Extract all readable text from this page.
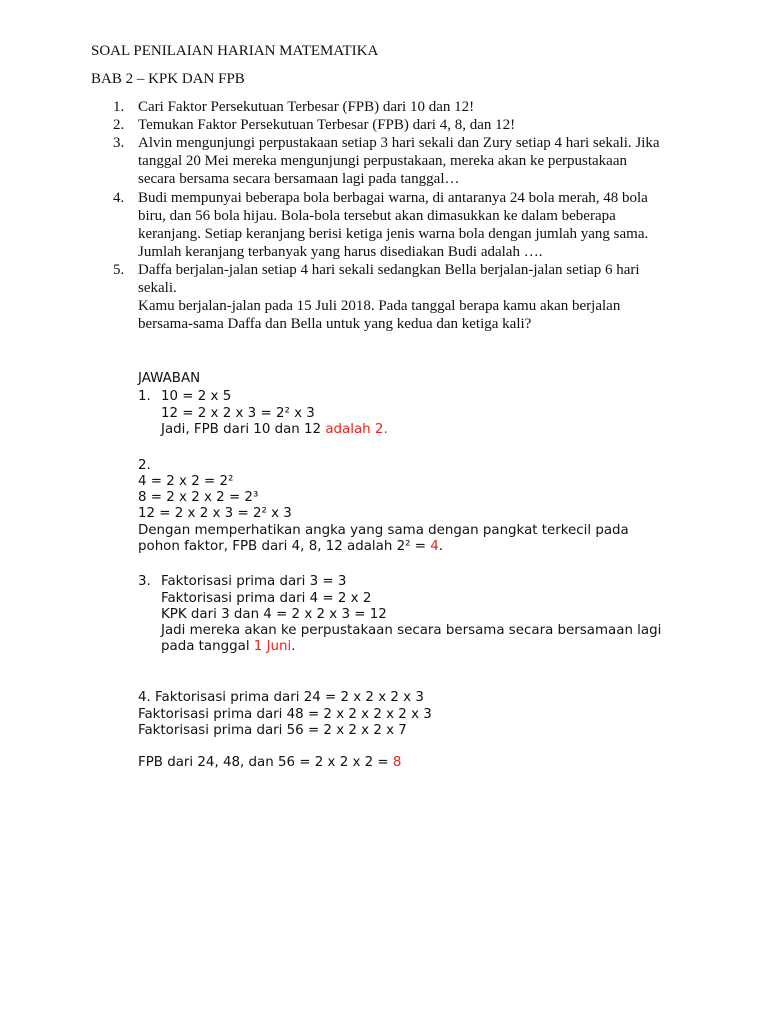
SOAL PENILAIAN HARIAN MATEMATIKA
BAB 2 – KPK DAN FPB
1. Cari Faktor Persekutuan Terbesar (FPB) dari 10 dan 12!
2. Temukan Faktor Persekutuan Terbesar (FPB) dari 4, 8, dan 12!
3. Alvin mengunjungi perpustakaan setiap 3 hari sekali dan Zury setiap 4 hari sekali. Jika
tanggal 20 Mei mereka mengunjungi perpustakaan, mereka akan ke perpustakaan
secara bersama secara bersamaan lagi pada tanggal…
4. Budi mempunyai beberapa bola berbagai warna, di antaranya 24 bola merah, 48 bola
biru, dan 56 bola hijau. Bola-bola tersebut akan dimasukkan ke dalam beberapa
keranjang. Setiap keranjang berisi ketiga jenis warna bola dengan jumlah yang sama.
Jumlah keranjang terbanyak yang harus disediakan Budi adalah ….
5. Daffa berjalan-jalan setiap 4 hari sekali sedangkan Bella berjalan-jalan setiap 6 hari
sekali.
Kamu berjalan-jalan pada 15 Juli 2018. Pada tanggal berapa kamu akan berjalan
bersama-sama Daffa dan Bella untuk yang kedua dan ketiga kali?
JAWABAN
1. 10 = 2 x 5
12 = 2 x 2 x 3 = 2² x 3
Jadi, FPB dari 10 dan 12 adalah 2.
2.
4 = 2 x 2 = 2²
8 = 2 x 2 x 2 = 2³
12 = 2 x 2 x 3 = 2² x 3
Dengan memperhatikan angka yang sama dengan pangkat terkecil pada
pohon faktor, FPB dari 4, 8, 12 adalah 2² = 4.
3. Faktorisasi prima dari 3 = 3
Faktorisasi prima dari 4 = 2 x 2
KPK dari 3 dan 4 = 2 x 2 x 3 = 12
Jadi mereka akan ke perpustakaan secara bersama secara bersamaan lagi
pada tanggal 1 Juni.
4. Faktorisasi prima dari 24 = 2 x 2 x 2 x 3
Faktorisasi prima dari 48 = 2 x 2 x 2 x 2 x 3
Faktorisasi prima dari 56 = 2 x 2 x 2 x 7
FPB dari 24, 48, dan 56 = 2 x 2 x 2 = 8
